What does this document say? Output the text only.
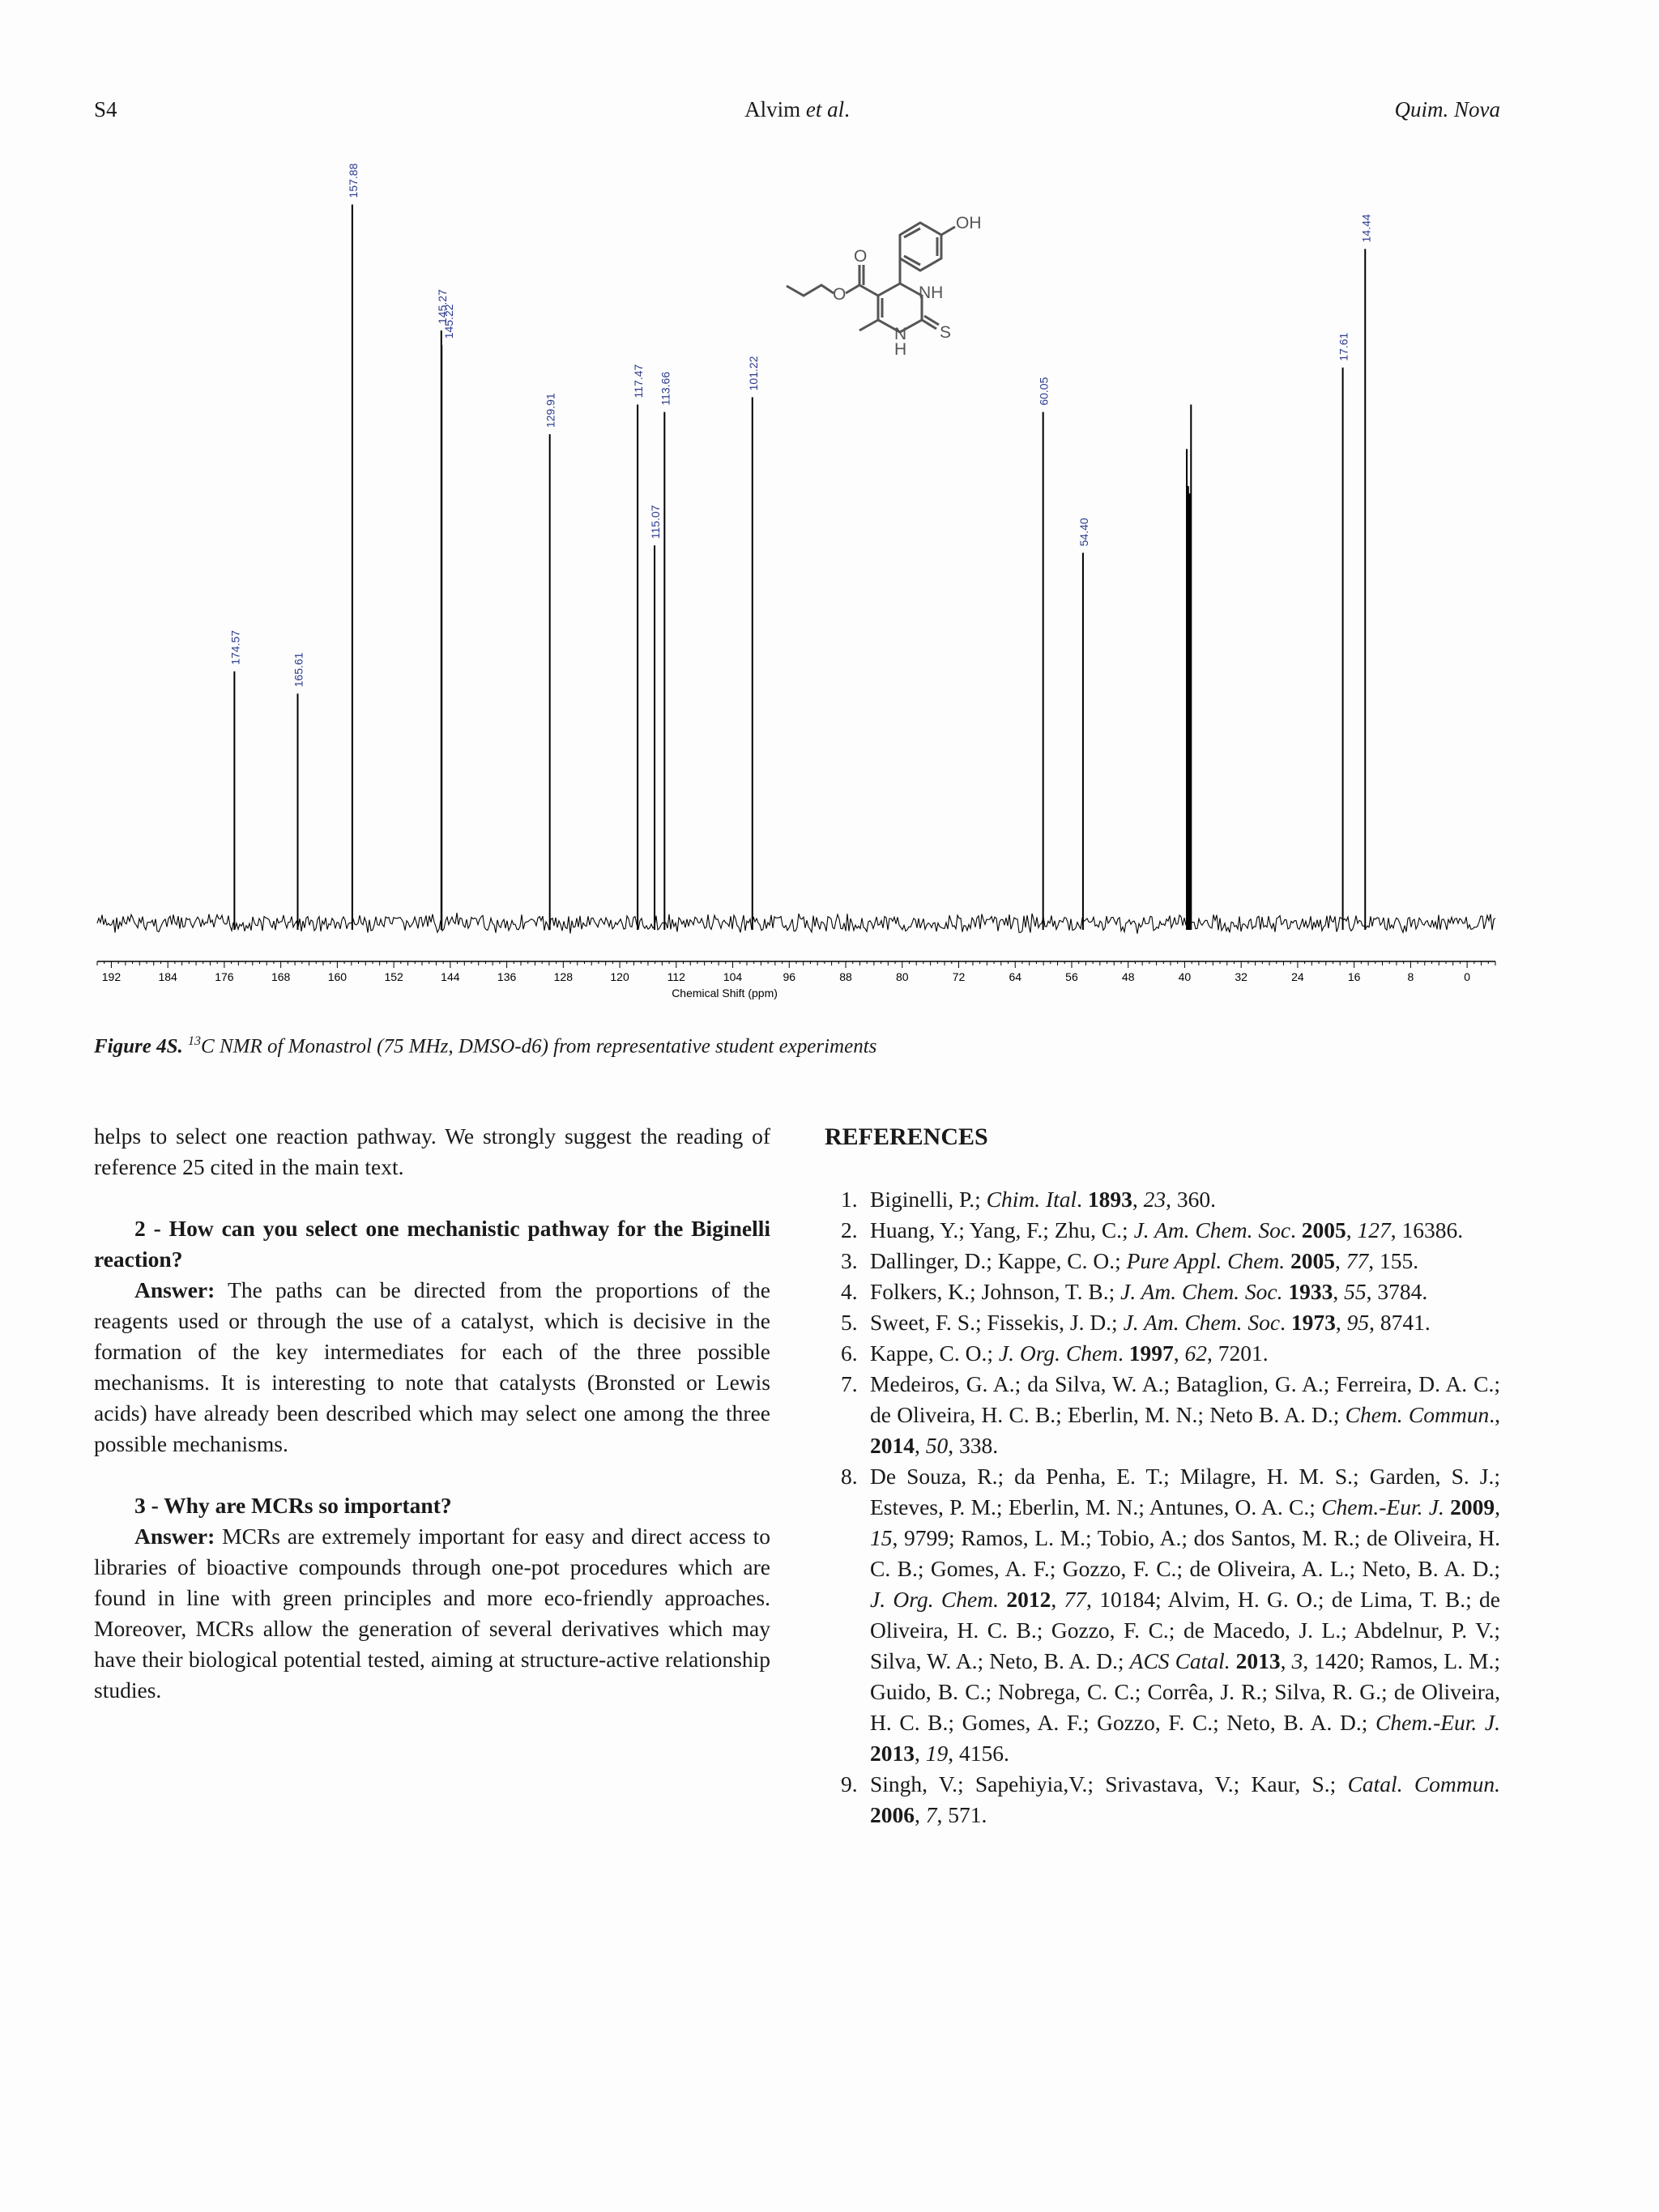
S4	Alvim et al.	Quim. Nova
174.57
165.61
157.88
145.27
145.22
129.91
117.47
115.07
113.66	101.22
60.05
54.40
17.61
14.44
192	184	176	168	160	152	144	136	128	120	112	104	96	88	80	72	64	56	48	40	32	24	16	8	0
Chemical Shift (ppm)
OH
O
O	NH
N
H
S
Figure 4S. $^{13}$C NMR of Monastrol (75 MHz, DMSO-d6) from representative student experiments

helps to select one reaction pathway. We strongly suggest the reading of reference 25 cited in the main text.

2 - How can you select one mechanistic pathway for the Biginelli reaction?

Answer: The paths can be directed from the proportions of the reagents used or through the use of a catalyst, which is decisive in the formation of the key intermediates for each of the three possible mechanisms. It is interesting to note that catalysts (Bronsted or Lewis acids) have already been described which may select one among the three possible mechanisms.

3 - Why are MCRs so important?

Answer: MCRs are extremely important for easy and direct access to libraries of bioactive compounds through one-pot procedures which are found in line with green principles and more eco-friendly approaches. Moreover, MCRs allow the generation of several derivatives which may have their biological potential tested, aiming at structure-active relationship studies.

REFERENCES
1. Biginelli, P.; Chim. Ital. 1893, 23, 360.
2. Huang, Y.; Yang, F.; Zhu, C.; J. Am. Chem. Soc. 2005, 127, 16386.
3. Dallinger, D.; Kappe, C. O.; Pure Appl. Chem. 2005, 77, 155.
4. Folkers, K.; Johnson, T. B.; J. Am. Chem. Soc. 1933, 55, 3784.
5. Sweet, F. S.; Fissekis, J. D.; J. Am. Chem. Soc. 1973, 95, 8741.
6. Kappe, C. O.; J. Org. Chem. 1997, 62, 7201.
7. Medeiros, G. A.; da Silva, W. A.; Bataglion, G. A.; Ferreira, D. A. C.; de Oliveira, H. C. B.; Eberlin, M. N.; Neto B. A. D.; Chem. Commun., 2014, 50, 338.
8. De Souza, R.; da Penha, E. T.; Milagre, H. M. S.; Garden, S. J.; Esteves, P. M.; Eberlin, M. N.; Antunes, O. A. C.; Chem.-Eur. J. 2009, 15, 9799; Ramos, L. M.; Tobio, A.; dos Santos, M. R.; de Oliveira, H. C. B.; Gomes, A. F.; Gozzo, F. C.; de Oliveira, A. L.; Neto, B. A. D.; J. Org. Chem. 2012, 77, 10184; Alvim, H. G. O.; de Lima, T. B.; de Oliveira, H. C. B.; Gozzo, F. C.; de Macedo, J. L.; Abdelnur, P. V.; Silva, W. A.; Neto, B. A. D.; ACS Catal. 2013, 3, 1420; Ramos, L. M.; Guido, B. C.; Nobrega, C. C.; Corrêa, J. R.; Silva, R. G.; de Oliveira, H. C. B.; Gomes, A. F.; Gozzo, F. C.; Neto, B. A. D.; Chem.-Eur. J. 2013, 19, 4156.
9. Singh, V.; Sapehiyia,V.; Srivastava, V.; Kaur, S.; Catal. Commun. 2006, 7, 571.
